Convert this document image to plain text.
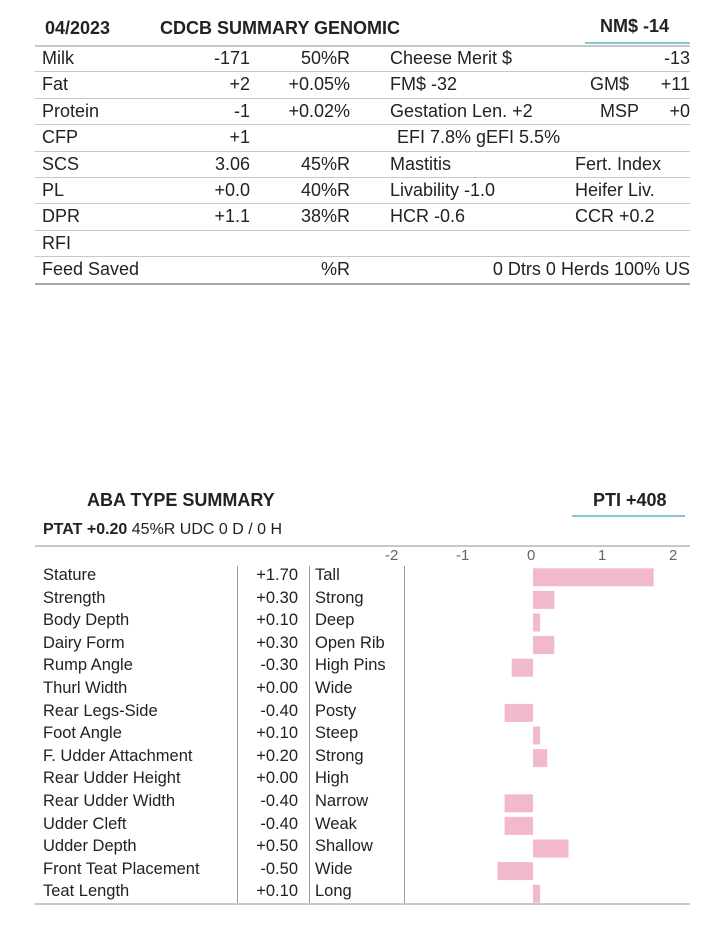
04/2023	CDCB SUMMARY GENOMIC	NM$ -14
Milk	-171	50%R Cheese Merit $	-13
Fat	+2 +0.05% FM$ -32	GM$ +11
Protein	-1 +0.02% Gestation Len. +2	MSP +0
CFP	+1	EFI 7.8% gEFI 5.5%
SCS	3.06	45%R Mastitis	Fert. Index
PL	+0.0	40%R Livability -1.0	Heifer Liv.
DPR	+1.1	38%R HCR -0.6	CCR +0.2
RFI
Feed Saved	%R	0 Dtrs 0 Herds 100% US
ABA TYPE SUMMARY	PTI +408
PTAT +0.20 45%R UDC 0 D / 0 H
-2	-1	0	1	2
Stature	+1.70 Tall
Strength	+0.30 Strong
Body Depth	+0.10 Deep
Dairy Form	+0.30 Open Rib
Rump Angle	-0.30 High Pins
Thurl Width	+0.00 Wide
Rear Legs-Side	-0.40 Posty
Foot Angle	+0.10 Steep
F. Udder Attachment	+0.20 Strong
Rear Udder Height	+0.00 High
Rear Udder Width	-0.40 Narrow
Udder Cleft	-0.40 Weak
Udder Depth	+0.50 Shallow
Front Teat Placement	-0.50 Wide
Teat Length	+0.10 Long
